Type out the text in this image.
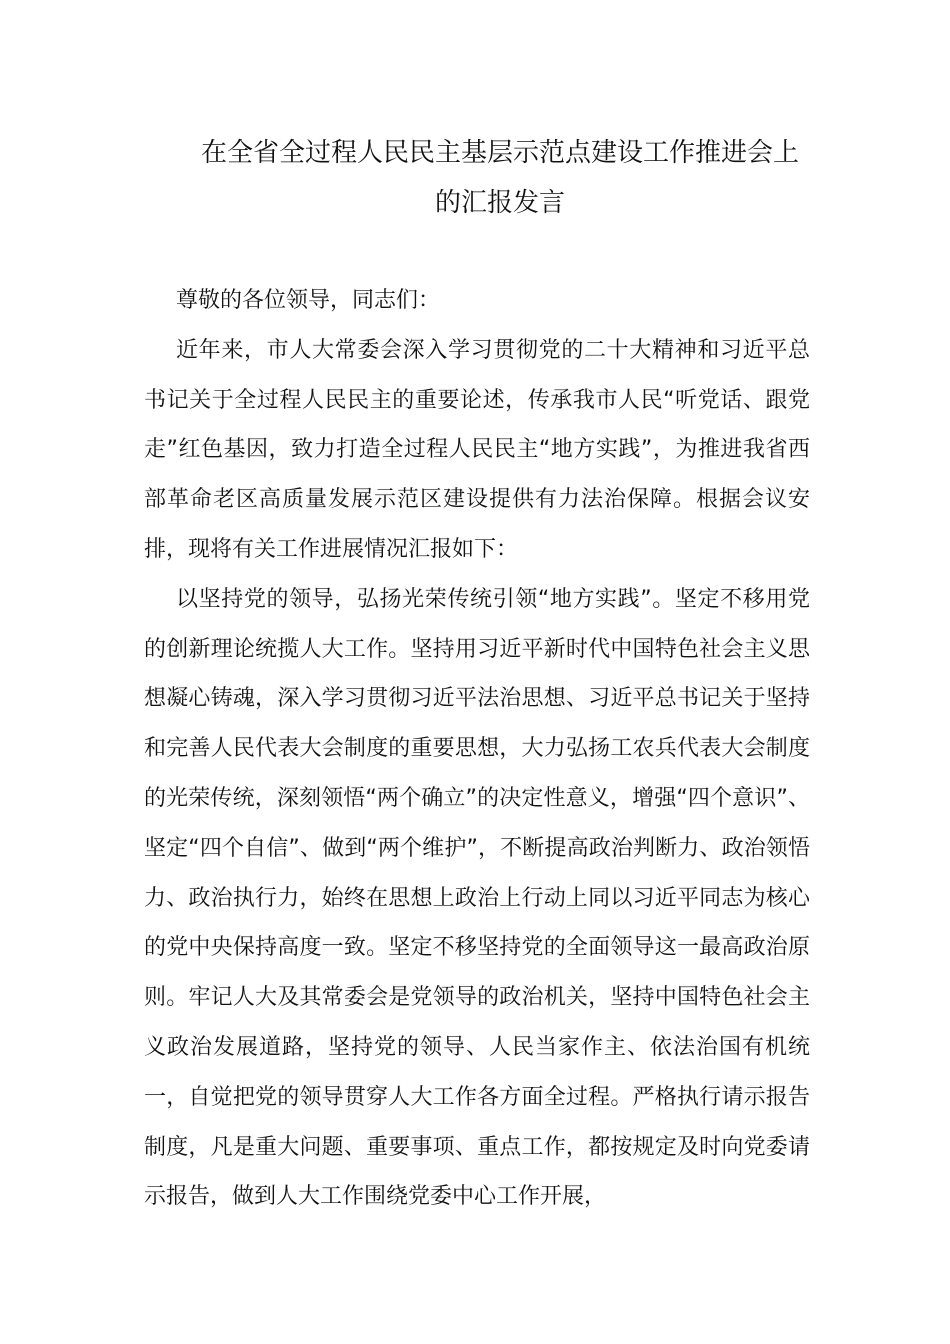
在全省全过程人民民主基层示范点建设工作推进会上
的汇报发言

尊敬的各位领导，同志们：

近年来，市人大常委会深入学习贯彻党的二十大精神和习近平总书记关于全过程人民民主的重要论述，传承我市人民“听党话、跟党走”红色基因，致力打造全过程人民民主“地方实践”，为推进我省西部革命老区高质量发展示范区建设提供有力法治保障。根据会议安排，现将有关工作进展情况汇报如下：

以坚持党的领导，弘扬光荣传统引领“地方实践”。坚定不移用党的创新理论统揽人大工作。坚持用习近平新时代中国特色社会主义思想凝心铸魂，深入学习贯彻习近平法治思想、习近平总书记关于坚持和完善人民代表大会制度的重要思想，大力弘扬工农兵代表大会制度的光荣传统，深刻领悟“两个确立”的决定性意义，增强“四个意识”、坚定“四个自信”、做到“两个维护”，不断提高政治判断力、政治领悟力、政治执行力，始终在思想上政治上行动上同以习近平同志为核心的党中央保持高度一致。坚定不移坚持党的全面领导这一最高政治原则。牢记人大及其常委会是党领导的政治机关，坚持中国特色社会主义政治发展道路，坚持党的领导、人民当家作主、依法治国有机统一，自觉把党的领导贯穿人大工作各方面全过程。严格执行请示报告制度，凡是重大问题、重要事项、重点工作，都按规定及时向党委请示报告，做到人大工作围绕党委中心工作开展，
